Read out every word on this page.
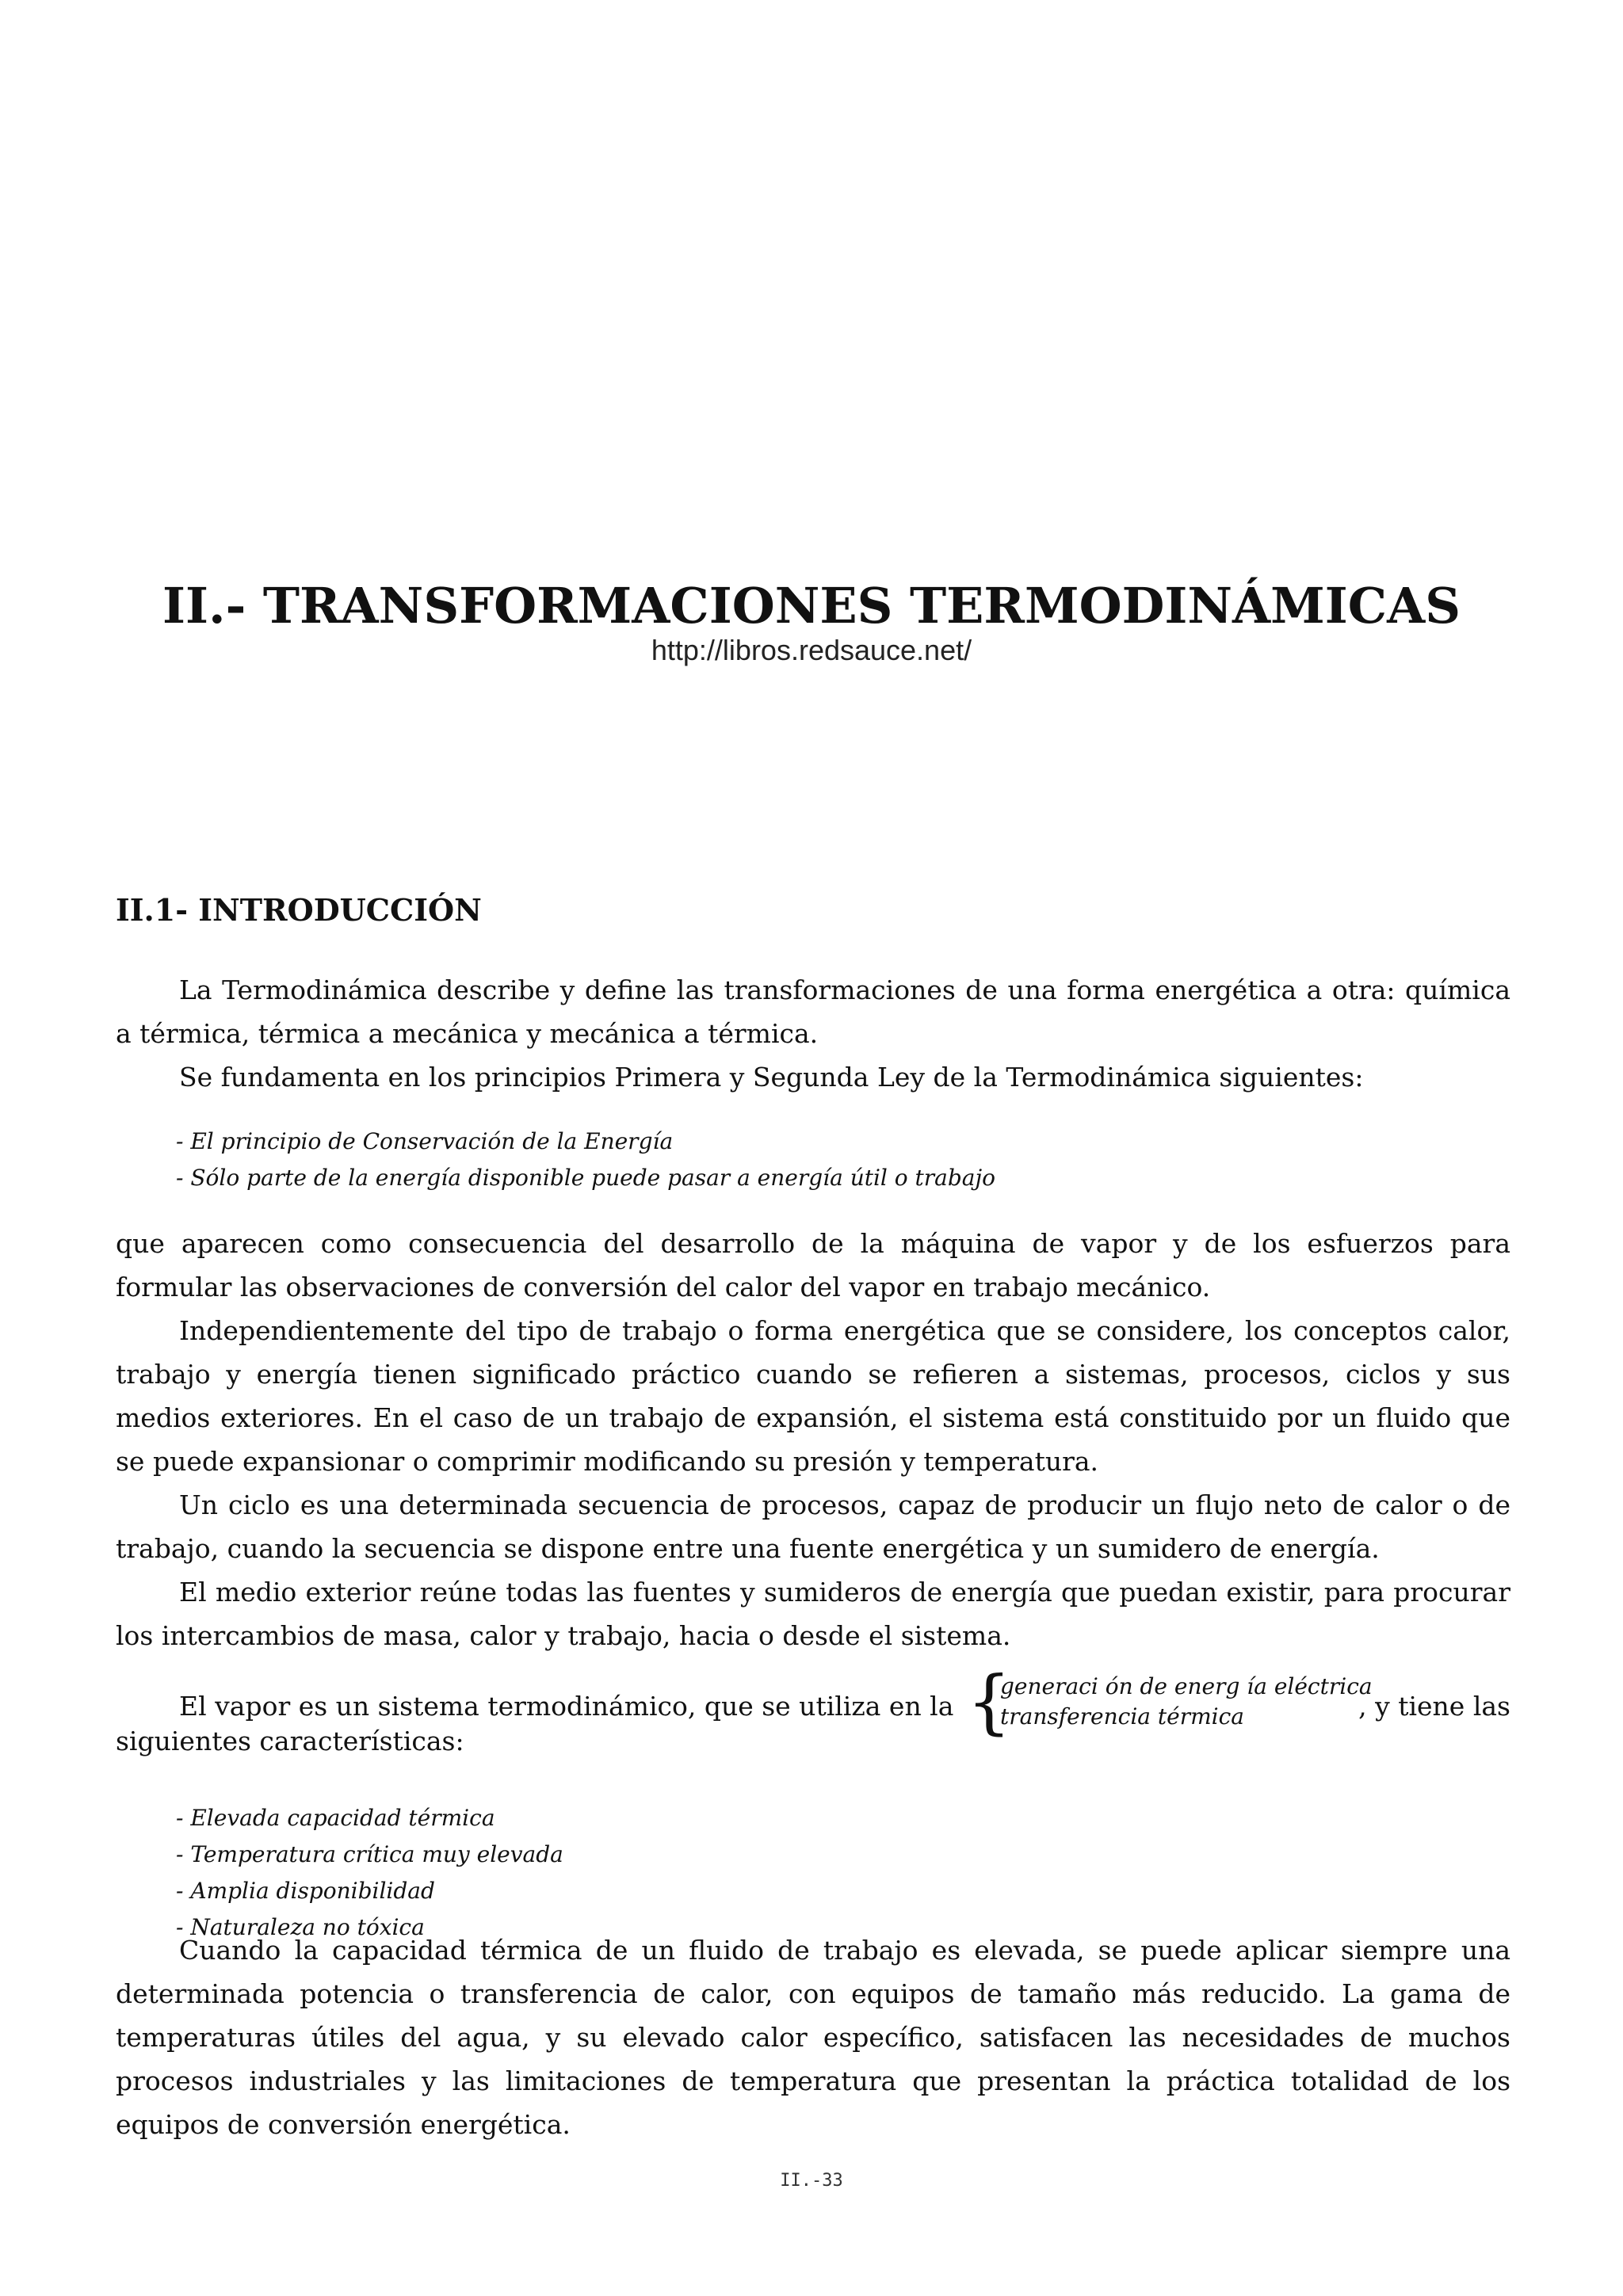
II.- TRANSFORMACIONES TERMODINÁMICAS
http://libros.redsauce.net/
II.1- INTRODUCCIÓN

La Termodinámica describe y define las transformaciones de una forma energética a otra: química a térmica, térmica a mecánica y mecánica a térmica.

Se fundamenta en los principios Primera y Segunda Ley de la Termodinámica siguientes:

- El principio de Conservación de la Energía
- Sólo parte de la energía disponible puede pasar a energía útil o trabajo

que aparecen como consecuencia del desarrollo de la máquina de vapor y de los esfuerzos para formular las observaciones de conversión del calor del vapor en trabajo mecánico.

Independientemente del tipo de trabajo o forma energética que se considere, los conceptos calor, trabajo y energía tienen significado práctico cuando se refieren a sistemas, procesos, ciclos y sus medios exteriores. En el caso de un trabajo de expansión, el sistema está constituido por un fluido que se puede expansionar o comprimir modificando su presión y temperatura.

Un ciclo es una determinada secuencia de procesos, capaz de producir un flujo neto de calor o de trabajo, cuando la secuencia se dispone entre una fuente energética y un sumidero de energía.

El medio exterior reúne todas las fuentes y sumideros de energía que puedan existir, para procurar los intercambios de masa, calor y trabajo, hacia o desde el sistema.

El vapor es un sistema termodinámico, que se utiliza en la {
generaci ón de energ ía eléctrica
transferencia térmica	, y tiene las
siguientes características:
- Elevada capacidad térmica
- Temperatura crítica muy elevada
- Amplia disponibilidad
- Naturaleza no tóxica

Cuando la capacidad térmica de un fluido de trabajo es elevada, se puede aplicar siempre una determinada potencia o transferencia de calor, con equipos de tamaño más reducido. La gama de temperaturas útiles del agua, y su elevado calor específico, satisfacen las necesidades de muchos procesos industriales y las limitaciones de temperatura que presentan la práctica totalidad de los equipos de conversión energética.

II.-33
